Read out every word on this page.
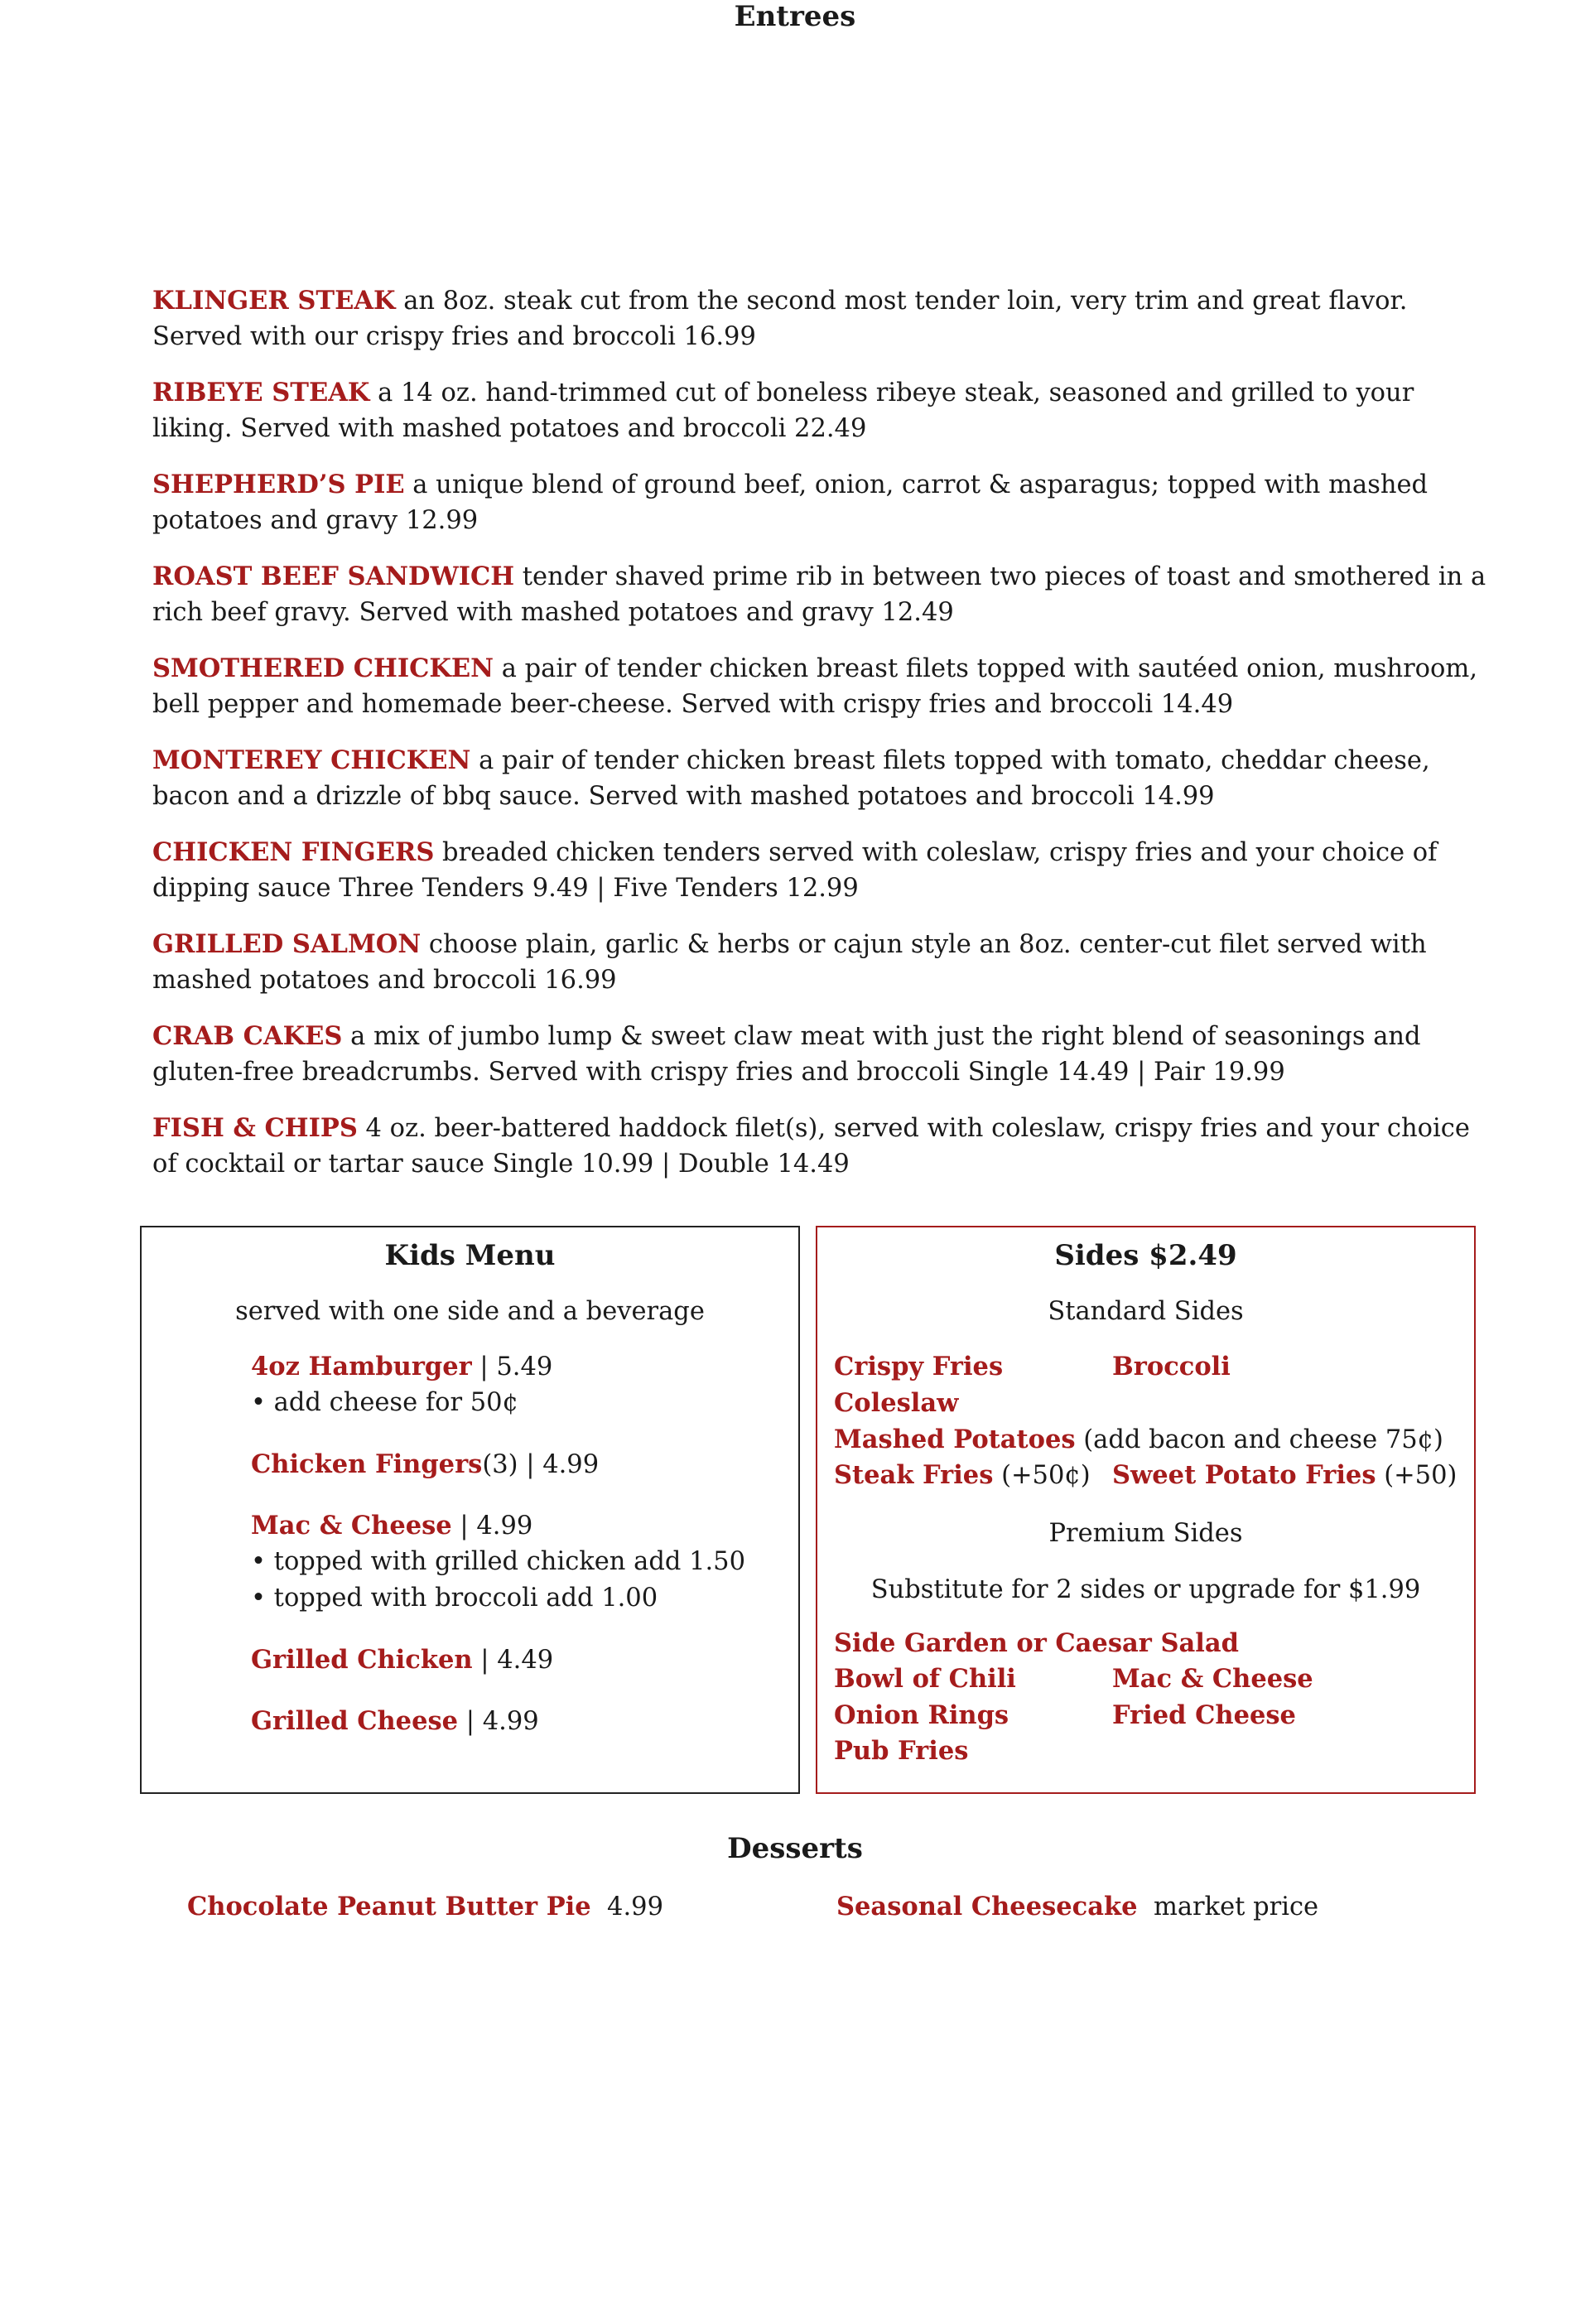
Entrees

KLINGER STEAK an 8oz. steak cut from the second most tender loin, very trim and great flavor. Served with our crispy fries and broccoli 16.99

RIBEYE STEAK a 14 oz. hand-trimmed cut of boneless ribeye steak, seasoned and grilled to your liking. Served with mashed potatoes and broccoli 22.49

SHEPHERD’S PIE a unique blend of ground beef, onion, carrot & asparagus; topped with mashed potatoes and gravy 12.99

ROAST BEEF SANDWICH tender shaved prime rib in between two pieces of toast and smothered in a rich beef gravy. Served with mashed potatoes and gravy 12.49

SMOTHERED CHICKEN a pair of tender chicken breast filets topped with sautéed onion, mushroom, bell pepper and homemade beer-cheese. Served with crispy fries and broccoli 14.49

MONTEREY CHICKEN a pair of tender chicken breast filets topped with tomato, cheddar cheese, bacon and a drizzle of bbq sauce. Served with mashed potatoes and broccoli 14.99

CHICKEN FINGERS breaded chicken tenders served with coleslaw, crispy fries and your choice of dipping sauce Three Tenders 9.49 | Five Tenders 12.99

GRILLED SALMON choose plain, garlic & herbs or cajun style an 8oz. center-cut filet served with mashed potatoes and broccoli 16.99

CRAB CAKES a mix of jumbo lump & sweet claw meat with just the right blend of seasonings and gluten-free breadcrumbs. Served with crispy fries and broccoli Single 14.49 | Pair 19.99

FISH & CHIPS 4 oz. beer-battered haddock filet(s), served with coleslaw, crispy fries and your choice of cocktail or tartar sauce Single 10.99 | Double 14.49

Kids Menu
served with one side and a beverage
4oz Hamburger | 5.49
• add cheese for 50¢
Chicken Fingers(3) | 4.99
Mac & Cheese | 4.99
• topped with grilled chicken add 1.50
• topped with broccoli add 1.00
Grilled Chicken | 4.49
Grilled Cheese | 4.99
Sides $2.49
Standard Sides
Crispy Fries	Broccoli
Coleslaw
Mashed Potatoes (add bacon and cheese 75¢)
Steak Fries (+50¢) Sweet Potato Fries (+50)
Premium Sides
Substitute for 2 sides or upgrade for $1.99
Side Garden or Caesar Salad
Bowl of Chili	Mac & Cheese
Onion Rings	Fried Cheese
Pub Fries
Desserts
Chocolate Peanut Butter Pie  4.99	Seasonal Cheesecake  market price
